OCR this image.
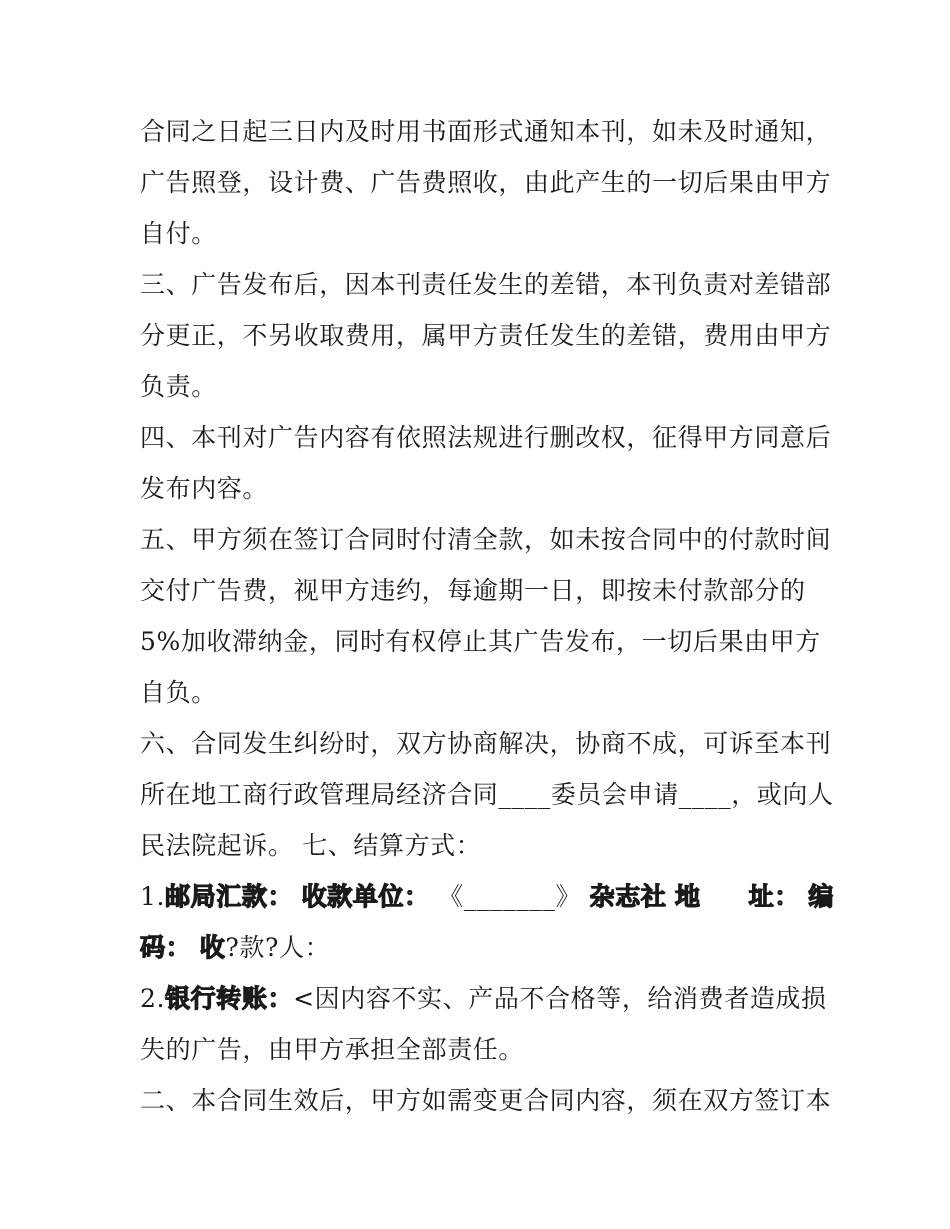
合同之日起三日内及时用书面形式通知本刊，如未及时通知，
广告照登，设计费、广告费照收，由此产生的一切后果由甲方
自付。
三、广告发布后，因本刊责任发生的差错，本刊负责对差错部
分更正，不另收取费用，属甲方责任发生的差错，费用由甲方
负责。
四、本刊对广告内容有依照法规进行删改权，征得甲方同意后
发布内容。
五、甲方须在签订合同时付清全款，如未按合同中的付款时间
交付广告费，视甲方违约，每逾期一日，即按未付款部分的
5%加收滞纳金，同时有权停止其广告发布，一切后果由甲方
自负。
六、合同发生纠纷时，双方协商解决，协商不成，可诉至本刊
所在地工商行政管理局经济合同____委员会申请____，或向人
民法院起诉。 七、结算方式：
1.邮局汇款： 收款单位： 《_______》 杂志社 地 址： 编
码： 收?款?人：
2.银行转账：<因内容不实、产品不合格等，给消费者造成损
失的广告，由甲方承担全部责任。
二、本合同生效后，甲方如需变更合同内容，须在双方签订本
